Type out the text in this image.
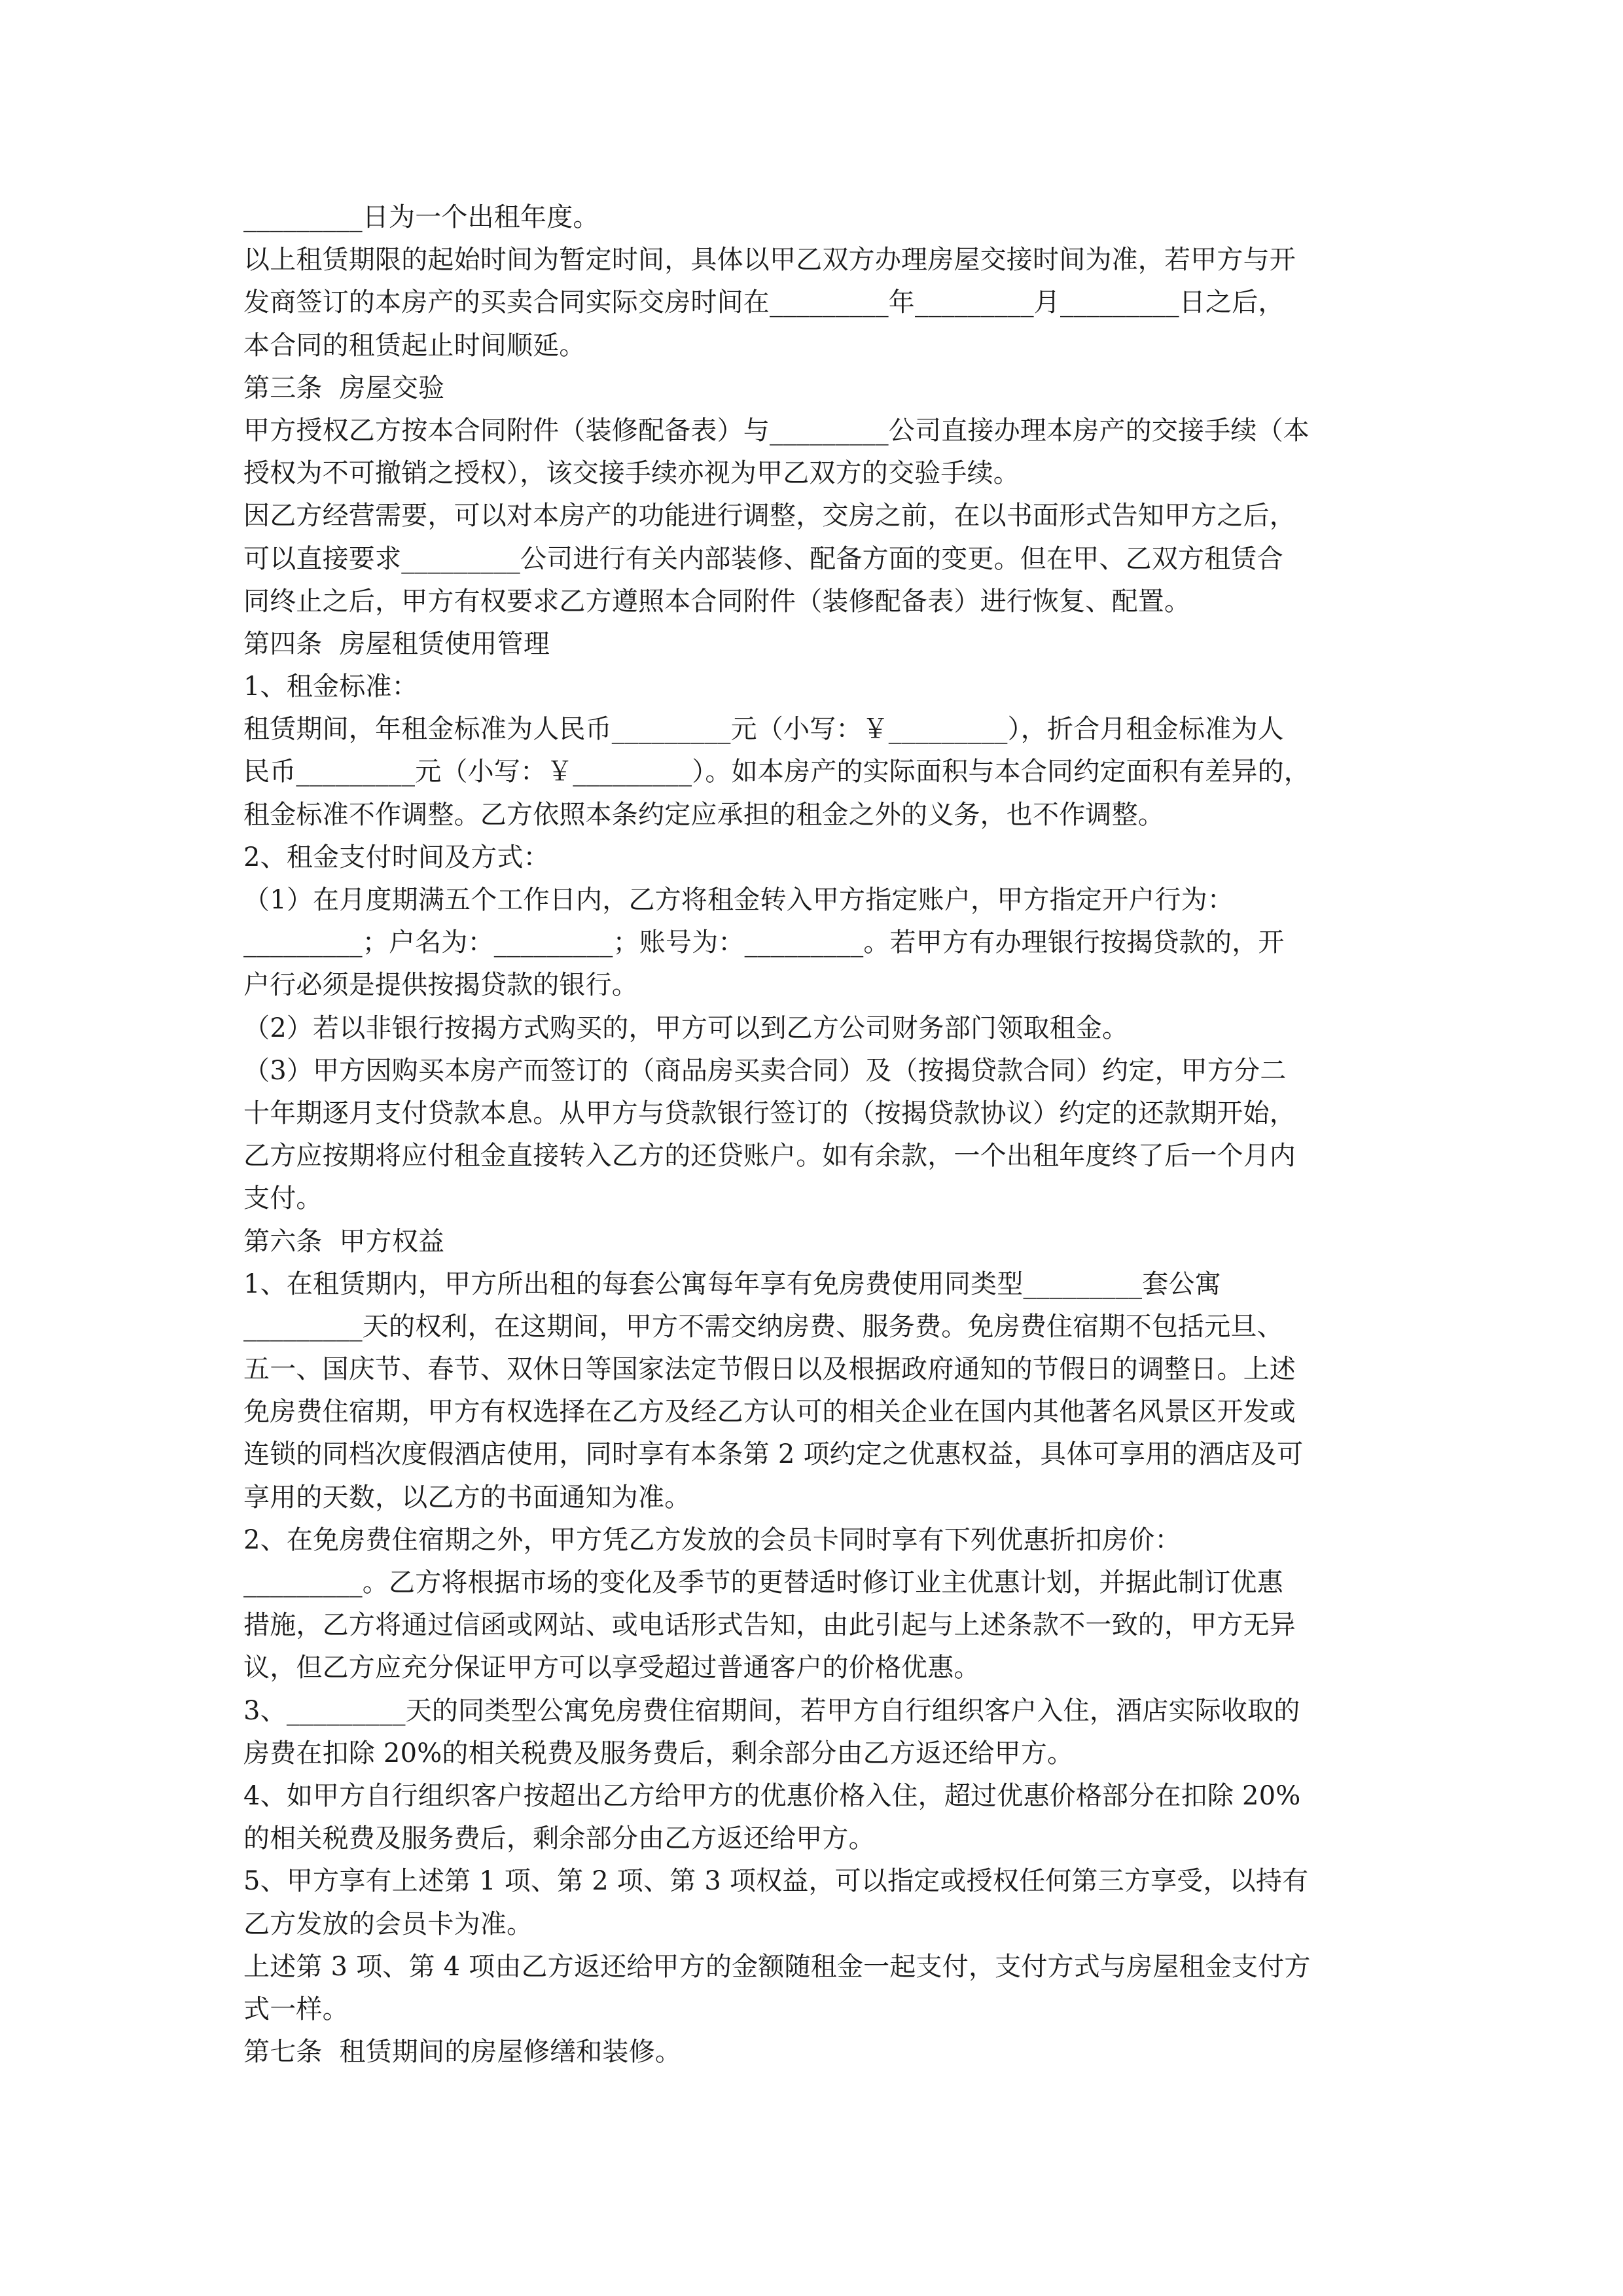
_________日为一个出租年度。
以上租赁期限的起始时间为暂定时间，具体以甲乙双方办理房屋交接时间为准，若甲方与开
发商签订的本房产的买卖合同实际交房时间在_________年_________月_________日之后，
本合同的租赁起止时间顺延。
第三条  房屋交验
甲方授权乙方按本合同附件（装修配备表）与_________公司直接办理本房产的交接手续（本
授权为不可撤销之授权），该交接手续亦视为甲乙双方的交验手续。
因乙方经营需要，可以对本房产的功能进行调整，交房之前，在以书面形式告知甲方之后，
可以直接要求_________公司进行有关内部装修、配备方面的变更。但在甲、乙双方租赁合
同终止之后，甲方有权要求乙方遵照本合同附件（装修配备表）进行恢复、配置。
第四条  房屋租赁使用管理
1、租金标准：
租赁期间，年租金标准为人民币_________元（小写：￥_________），折合月租金标准为人
民币_________元（小写：￥_________）。如本房产的实际面积与本合同约定面积有差异的，
租金标准不作调整。乙方依照本条约定应承担的租金之外的义务，也不作调整。
2、租金支付时间及方式：
（1）在月度期满五个工作日内，乙方将租金转入甲方指定账户，甲方指定开户行为：
_________；户名为：_________；账号为：_________。若甲方有办理银行按揭贷款的，开
户行必须是提供按揭贷款的银行。
（2）若以非银行按揭方式购买的，甲方可以到乙方公司财务部门领取租金。
（3）甲方因购买本房产而签订的（商品房买卖合同）及（按揭贷款合同）约定，甲方分二
十年期逐月支付贷款本息。从甲方与贷款银行签订的（按揭贷款协议）约定的还款期开始，
乙方应按期将应付租金直接转入乙方的还贷账户。如有余款，一个出租年度终了后一个月内
支付。
第六条  甲方权益
1、在租赁期内，甲方所出租的每套公寓每年享有免房费使用同类型_________套公寓
_________天的权利，在这期间，甲方不需交纳房费、服务费。免房费住宿期不包括元旦、
五一、国庆节、春节、双休日等国家法定节假日以及根据政府通知的节假日的调整日。上述
免房费住宿期，甲方有权选择在乙方及经乙方认可的相关企业在国内其他著名风景区开发或
连锁的同档次度假酒店使用，同时享有本条第 2 项约定之优惠权益，具体可享用的酒店及可
享用的天数，以乙方的书面通知为准。
2、在免房费住宿期之外，甲方凭乙方发放的会员卡同时享有下列优惠折扣房价：
_________。乙方将根据市场的变化及季节的更替适时修订业主优惠计划，并据此制订优惠
措施，乙方将通过信函或网站、或电话形式告知，由此引起与上述条款不一致的，甲方无异
议，但乙方应充分保证甲方可以享受超过普通客户的价格优惠。
3、_________天的同类型公寓免房费住宿期间，若甲方自行组织客户入住，酒店实际收取的
房费在扣除 20%的相关税费及服务费后，剩余部分由乙方返还给甲方。
4、如甲方自行组织客户按超出乙方给甲方的优惠价格入住，超过优惠价格部分在扣除 20%
的相关税费及服务费后，剩余部分由乙方返还给甲方。
5、甲方享有上述第 1 项、第 2 项、第 3 项权益，可以指定或授权任何第三方享受，以持有
乙方发放的会员卡为准。
上述第 3 项、第 4 项由乙方返还给甲方的金额随租金一起支付，支付方式与房屋租金支付方
式一样。
第七条  租赁期间的房屋修缮和装修。
